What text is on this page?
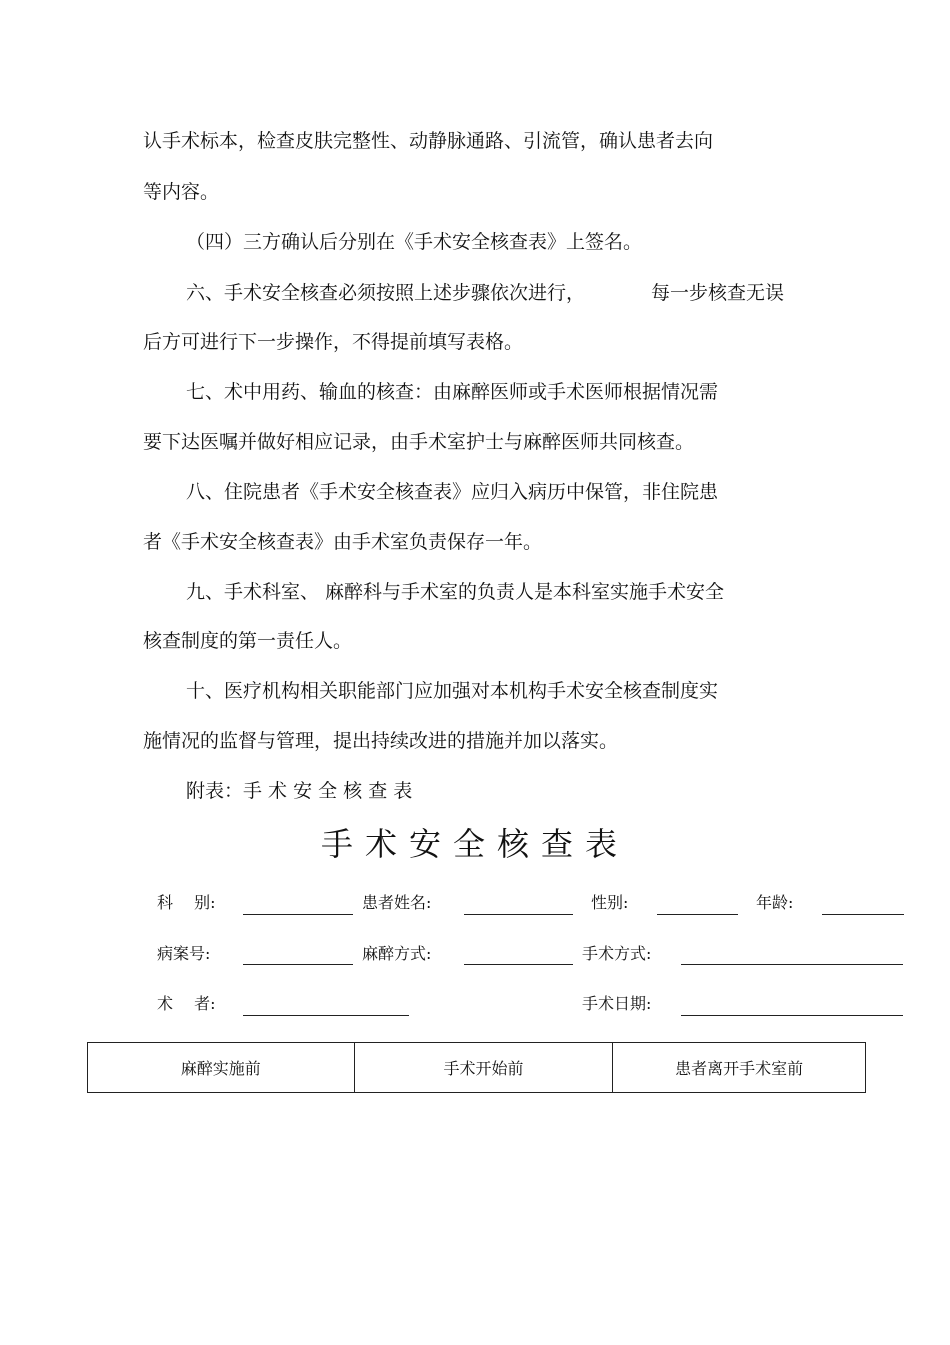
认手术标本，检查皮肤完整性、动静脉通路、引流管，确认患者去向
等内容。
（四）三方确认后分别在《手术安全核查表》上签名。
六、手术安全核查必须按照上述步骤依次进行，	每一步核查无误
后方可进行下一步操作，不得提前填写表格。
七、术中用药、输血的核查：由麻醉医师或手术医师根据情况需
要下达医嘱并做好相应记录，由手术室护士与麻醉医师共同核查。
八、住院患者《手术安全核查表》应归入病历中保管，非住院患
者《手术安全核查表》由手术室负责保存一年。
九、手术科室、 麻醉科与手术室的负责人是本科室实施手术安全
核查制度的第一责任人。
十、医疗机构相关职能部门应加强对本机构手术安全核查制度实
施情况的监督与管理，提出持续改进的措施并加以落实。
附表：手 术 安 全 核 查 表
手术安全核查表
科　 别:	患者姓名:	性别:	年龄:
病案号:	麻醉方式:	手术方式:
术　 者:	手术日期:
麻醉实施前	手术开始前	患者离开手术室前
